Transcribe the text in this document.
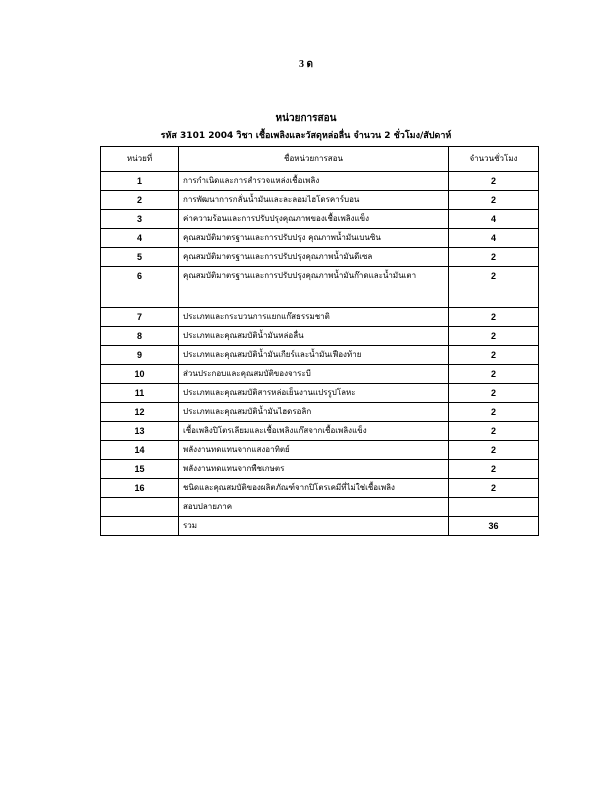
3 ด
หน่วยการสอน
รหัส 3101 2004 วิชา เชื้อเพลิงและวัสดุหล่อลื่น จำนวน 2 ชั่วโมง/สัปดาห์
หน่วยที่	ชื่อหน่วยการสอน	จำนวนชั่วโมง
1	การกำเนิดและการสำรวจแหล่งเชื้อเพลิง	2
2	การพัฒนาการกลั่นน้ำมันและละลอมไฮโดรคาร์บอน	2
3	ค่าความร้อนและการปรับปรุงคุณภาพของเชื้อเพลิงแข็ง	4
4	คุณสมบัติมาตรฐานและการปรับปรุง คุณภาพน้ำมันเบนซิน	4
5	คุณสมบัติมาตรฐานและการปรับปรุงคุณภาพน้ำมันดีเซล	2
6	คุณสมบัติมาตรฐานและการปรับปรุงคุณภาพน้ำมันก๊าดและน้ำมันเตา	2
7	ประเภทและกระบวนการแยกแก๊สธรรมชาติ	2
8	ประเภทและคุณสมบัติน้ำมันหล่อลื่น	2
9	ประเภทและคุณสมบัติน้ำมันเกียร์และน้ำมันเฟืองท้าย	2
10	ส่วนประกอบและคุณสมบัติของจาระบี	2
11	ประเภทและคุณสมบัติสารหล่อเย็นงานแปรรูปโลหะ	2
12	ประเภทและคุณสมบัติน้ำมันไฮดรอลิก	2
13	เชื้อเพลิงปิโตรเลียมและเชื้อเพลิงแก๊สจากเชื้อเพลิงแข็ง	2
14	พลังงานทดแทนจากแสงอาทิตย์	2
15	พลังงานทดแทนจากพืชเกษตร	2
16	ชนิดและคุณสมบัติของผลิตภัณฑ์จากปิโตรเคมีที่ไม่ใช่เชื้อเพลิง	2
	สอบปลายภาค	
	รวม	36
